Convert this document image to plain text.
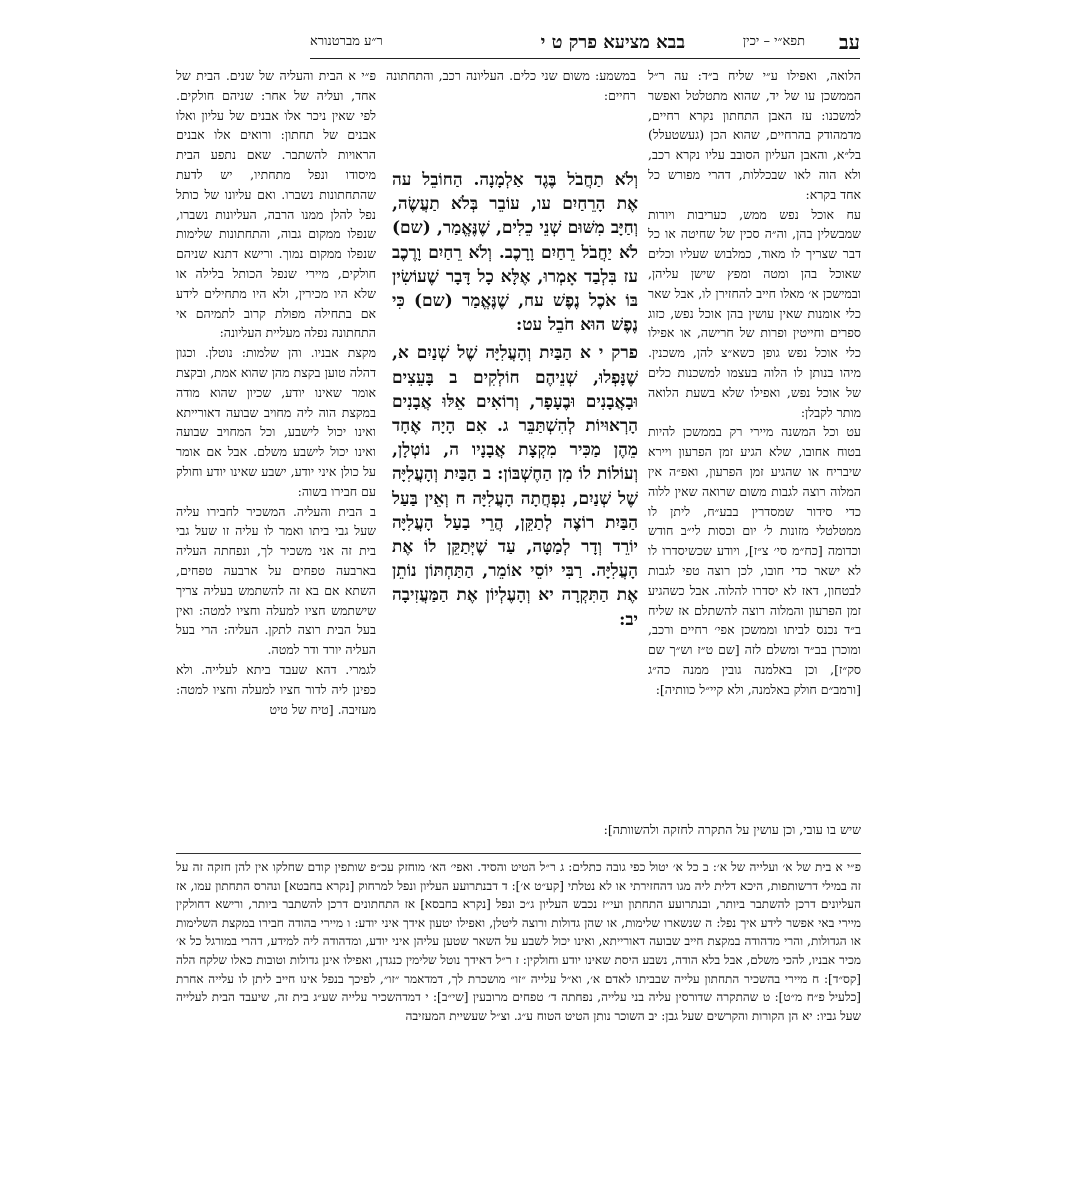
עב
תפא״י – יכין
בבא מציעא פרק ט י
ר״ע מברטנורא

הלואה, ואפילו ע״י שליח ב״ד: עה ר״ל הממשכן עו של יד, שהוא מתטלטל ואפשר למשכנו: עז האבן התחתון נקרא רחיים, מדמהודק בהרחיים, שהוא הכן (געשטעלל) בל״א, והאבן העליון הסובב עליו נקרא רכב, ולא הוה לאו שבכללות, דהרי מפורש כל אחד בקרא:

עח אוכל נפש ממש, כעריבות ויורות שמבשלין בהן, וה״ה סכין של שחיטה או כל דבר שצריך לו מאוד, כמלבוש שעליו וכלים שאוכל בהן ומטה ומפץ שישן עליהן, ובמישכן א׳ מאלו חייב להחזירן לו, אבל שאר כלי אומנות שאין עושין בהן אוכל נפש, כזוג ספרים וחייטין ופרות של חרישה, או אפילו כלי אוכל נפש גופן כשא״צ להן, משכנין. מיהו בנותן לו הלוה בעצמו למשכנות כלים של אוכל נפש, ואפילו שלא בשעת הלואה מותר לקבלן:

עט וכל המשנה מיירי רק בממשכן להיות בטוח אחובו, שלא הגיע זמן הפרעון ויירא שיבריח או שהגיע זמן הפרעון, ואפ״ה אין המלוה רוצה לגבות משום שרואה שאין ללוה כדי סידור שמסדרין בבע״ח, ליתן לו ממטלטלי מזונות ל׳ יום וכסות לי״ב חודש וכדומה [כח״מ סי׳ צ״ז], ויודע שכשיסדרו לו לא ישאר כדי חובו, לכן רוצה טפי לגבות לבטחון, דאז לא יסדרו להלוה. אבל כשהגיע זמן הפרעון והמלוה רוצה להשתלם אז שליח ב״ד נכנס לביתו וממשכן אפי׳ רחיים ורכב, ומוכרן בב״ד ומשלם לזה [שם ט״ז וש״ך שם סק״ז], וכן באלמנה גובין ממנה כה״ג [ורמב״ם חולק באלמנה, ולא קיי״ל כוותיה]:

במשמע: משום שני כלים. העליונה רכב, והתחתונה רחיים:

וְלֹא תַחֲבֹל בֶּגֶד אַלְמָנָה. הַחוֹבֵל עה אֶת הָרֵחַיִם עו, עוֹבֵר בְּלֹא תַעֲשֶׂה, וְחַיָּב מִשּׁוּם שְׁנֵי כֵלִים, שֶׁנֶּאֱמַר, (שם) לֹא יַחֲבֹל רֵחַיִם וָרָכֶב. וְלֹא רֵחַיִם וָרֶכֶב עז בִּלְבַד אָמְרוּ, אֶלָּא כָל דָּבָר שֶׁעוֹשִׂין בּוֹ אֹכֶל נֶפֶשׁ עח, שֶׁנֶּאֱמַר (שם) כִּי נֶפֶשׁ הוּא חֹבֵל עט:

פרק י א הַבַּיִת וְהָעֲלִיָּה שֶׁל שְׁנַיִם א, שֶׁנָּפְלוּ, שְׁנֵיהֶם חוֹלְקִים ב בָּעֵצִים וּבָאֲבָנִים וּבֶעָפָר, וְרוֹאִים אֵלּוּ אֲבָנִים הָרְאוּיוֹת לְהִשְׁתַּבֵּר ג. אִם הָיָה אֶחָד מֵהֶן מַכִּיר מִקְצָת אֲבָנָיו ה, נוֹטְלָן, וְעוֹלוֹת לוֹ מִן הַחֶשְׁבּוֹן: ב הַבַּיִת וְהָעֲלִיָּה שֶׁל שְׁנַיִם, נִפְחֲתָה הָעֲלִיָּה ח וְאֵין בַּעַל הַבַּיִת רוֹצֶה לְתַקֵּן, הֲרֵי בַעַל הָעֲלִיָּה יוֹרֵד וְדָר לְמַטָּה, עַד שֶׁיְּתַקֵּן לוֹ אֶת הָעֲלִיָּה. רַבִּי יוֹסֵי אוֹמֵר, הַתַּחְתּוֹן נוֹתֵן אֶת הַתִּקְרָה יא וְהָעֶלְיוֹן אֶת הַמַּעֲזִיבָה יב:

פ״י א הבית והעליה של שנים. הבית של אחד, ועליה של אחר: שניהם חולקים. לפי שאין ניכר אלו אבנים של עליון ואלו אבנים של תחתון: ורואים אלו אבנים הראויות להשתבר. שאם נתפע הבית מיסודו ונפל מתחתיו, יש לדעת שהתחתונות נשברו. ואם עליונו של כותל נפל להלן ממנו הרבה, העליונות נשברו, שנפלו ממקום גבוה, והתחתונות שלימות שנפלו ממקום נמוך. ורישא דתנא שניהם חולקים, מיירי שנפל הכותל בלילה או שלא היו מכירין, ולא היו מתחילים לידע אם בתחילה מפולת קרוב לתמיהם אי התחתונה נפלה מעליית העליונה:

מקצת אבניו. והן שלמות: נוטלן. וכגון דהלה טוען בקצת מהן שהוא אמת, ובקצת אומר שאינו יודע, שכיון שהוא מודה במקצת הוה ליה מחויב שבועה דאורייתא ואינו יכול לישבע, וכל המחויב שבועה ואינו יכול לישבע משלם. אבל אם אומר על כולן איני יודע, ישבע שאינו יודע וחולק עם חבירו בשוה:

ב הבית והעליה. המשכיר לחבירו עליה שעל גבי ביתו ואמר לו עליה זו שעל גבי בית זה אני משכיר לך, ונפחתה העליה בארבעה טפחים על ארבעה טפחים, השתא אם בא זה להשתמש בעליה צריך שישתמש חציו למעלה וחציו למטה: ואין בעל הבית רוצה לתקן. העליה: הרי בעל העליה יורד ודר למטה.

לגמרי. דהא שעבד ביתא לעלייה. ולא כפינן ליה לדור חציו למעלה וחציו למטה: מעזיבה. [טיח של טיט

שיש בו עובי, וכן עושין על התקרה לחזקה ולהשוותה]:

פ״י א בית של א׳ ועלייה של א׳: ב כל א׳ יטול כפי גובה כתלים: ג ר״ל הטיט והסיד. ואפי׳ הא׳ מוחזק עכ״פ שותפין קודם שחלקו אין להן חזקה זה על זה במילי דרשותפות, היכא דלית ליה מגו דהחזירתי או לא נטלתי [קע״ט א׳]: ד דבנתרועע העליון ונפל למרחוק [נקרא בחבטא] ונהרס התחתון עמו, אז העליונים דרכן להשתבר ביותר, ובנתרועע התחתון ועי״ז נכבש העליון ג״כ ונפל [נקרא בחבסא] אז התחתונים דרכן להשתבר ביותר, ורישא דחולקין מיירי באי אפשר לידע איך נפל: ה שנשארו שלימות, או שהן גדולות ורוצה ליטלן, ואפילו יטעון אידך איני יודע: ו מיירי בהודה חבירו במקצת השלימות או הגדולות, והרי מדהודה במקצת חייב שבועה דאורייתא, ואינו יכול לשבע על השאר שטען עליהן איני יודע, ומדהודה ליה למידע, דהרי במורגל כל א׳ מכיר אבניו, להכי משלם, אבל בלא הודה, נשבע היסת שאינו יודע וחולקין: ז ר״ל דאידך נוטל שלימין כנגדן, ואפילו אינן גדולות וטובות כאלו שלקח הלה [קס״ד]: ח מיירי בהשכיר התחתון עלייה שבביתו לאדם א׳, וא״ל עלייה ״זו״ מושכרת לך, דמדאמר ״זו״, לפיכך בנפל אינו חייב ליתן לו עלייה אחרת [כלעיל פ״ח מ״ט]: ט שהתקרה שדורסין עליה בני עלייה, נפחתה ד׳ טפחים מרובעין [שי״ב]: י דמדהשכיר עלייה שע״ג בית זה, שיעבד הבית לעלייה שעל גביו: יא הן הקורות והקרשים שעל גבן: יב השוכר נותן הטיט הטוח ע״ג. וצ״ל שעשיית המעזיבה
